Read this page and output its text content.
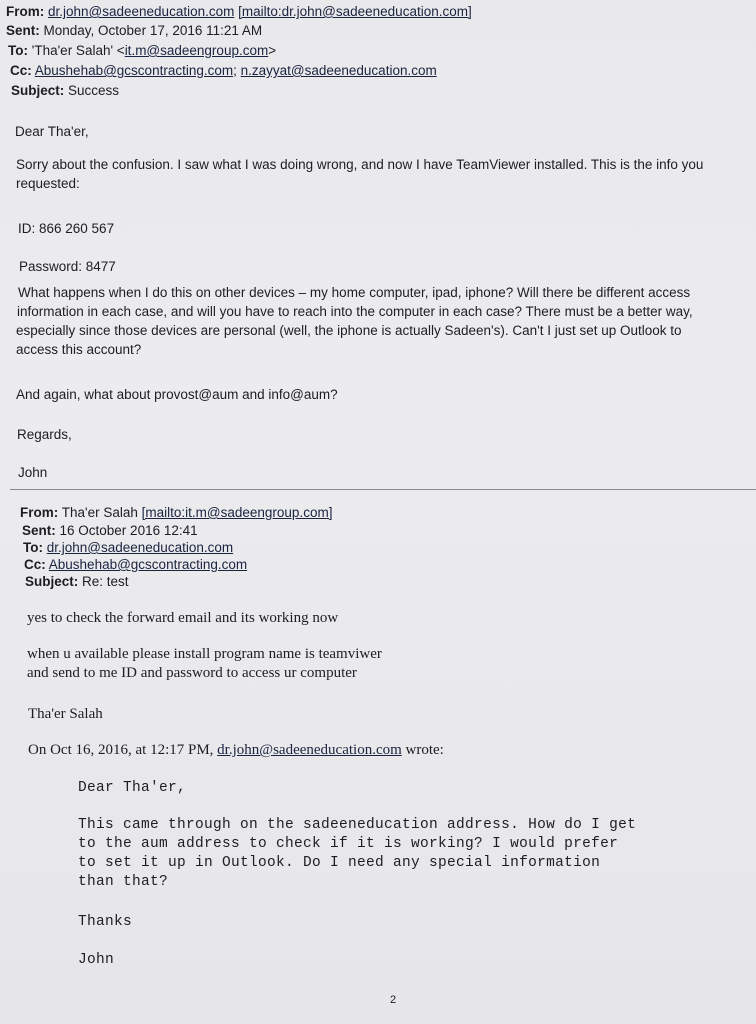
From: dr.john@sadeeneducation.com [mailto:dr.john@sadeeneducation.com]
Sent: Monday, October 17, 2016 11:21 AM
To: 'Tha'er Salah' <it.m@sadeengroup.com>
Cc: Abushehab@gcscontracting.com; n.zayyat@sadeeneducation.com
Subject: Success
Dear Tha'er,
Sorry about the confusion. I saw what I was doing wrong, and now I have TeamViewer installed. This is the info you
requested:
ID: 866 260 567
Password: 8477
What happens when I do this on other devices – my home computer, ipad, iphone? Will there be different access
information in each case, and will you have to reach into the computer in each case? There must be a better way,
especially since those devices are personal (well, the iphone is actually Sadeen's). Can't I just set up Outlook to
access this account?
And again, what about provost@aum and info@aum?
Regards,
John
From: Tha'er Salah [mailto:it.m@sadeengroup.com]
Sent: 16 October 2016 12:41
To: dr.john@sadeeneducation.com
Cc: Abushehab@gcscontracting.com
Subject: Re: test
yes to check the forward email and its working now
when u available please install program name is teamviwer
and send to me ID and password to access ur computer
Tha'er Salah
On Oct 16, 2016, at 12:17 PM, dr.john@sadeeneducation.com wrote:
Dear Tha'er,
This came through on the sadeeneducation address. How do I get
to the aum address to check if it is working? I would prefer
to set it up in Outlook. Do I need any special information
than that?
Thanks
John
2
